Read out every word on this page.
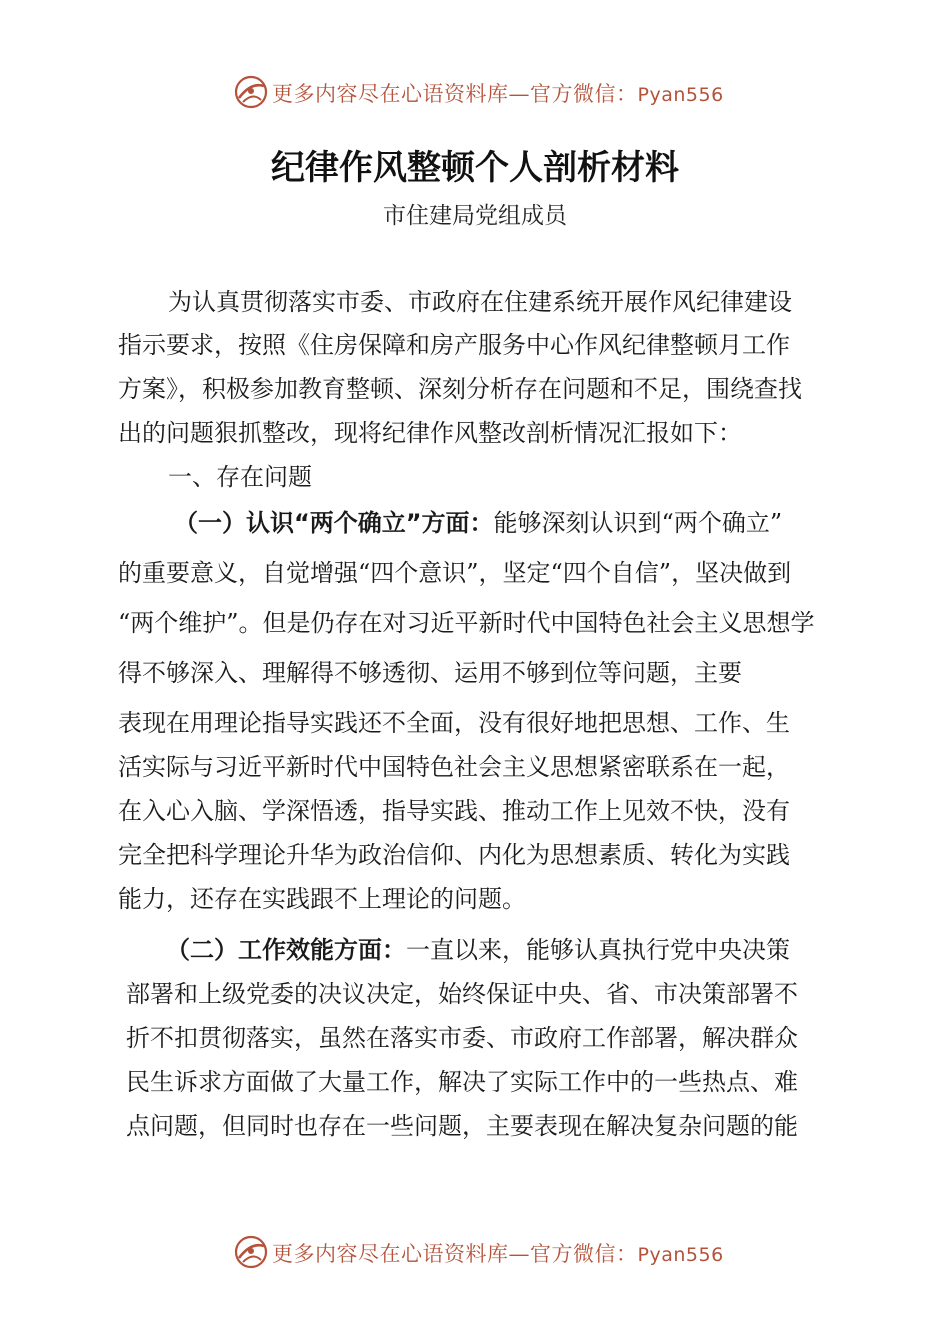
更多内容尽在心语资料库—官方微信：Pyan556
纪律作风整顿个人剖析材料
市住建局党组成员
为认真贯彻落实市委、市政府在住建系统开展作风纪律建设
指示要求，按照《住房保障和房产服务中心作风纪律整顿月工作
方案》，积极参加教育整顿、深刻分析存在问题和不足，围绕查找
出的问题狠抓整改，现将纪律作风整改剖析情况汇报如下：
一、存在问题
（一）认识“两个确立”方面：能够深刻认识到“两个确立”
的重要意义，自觉增强“四个意识”，坚定“四个自信”，坚决做到
“两个维护”。但是仍存在对习近平新时代中国特色社会主义思想学
得不够深入、理解得不够透彻、运用不够到位等问题，主要
表现在用理论指导实践还不全面，没有很好地把思想、工作、生
活实际与习近平新时代中国特色社会主义思想紧密联系在一起，
在入心入脑、学深悟透，指导实践、推动工作上见效不快，没有
完全把科学理论升华为政治信仰、内化为思想素质、转化为实践
能力，还存在实践跟不上理论的问题。
（二）工作效能方面：一直以来，能够认真执行党中央决策
部署和上级党委的决议决定，始终保证中央、省、市决策部署不
折不扣贯彻落实，虽然在落实市委、市政府工作部署，解决群众
民生诉求方面做了大量工作，解决了实际工作中的一些热点、难
点问题，但同时也存在一些问题，主要表现在解决复杂问题的能
更多内容尽在心语资料库—官方微信：Pyan556
